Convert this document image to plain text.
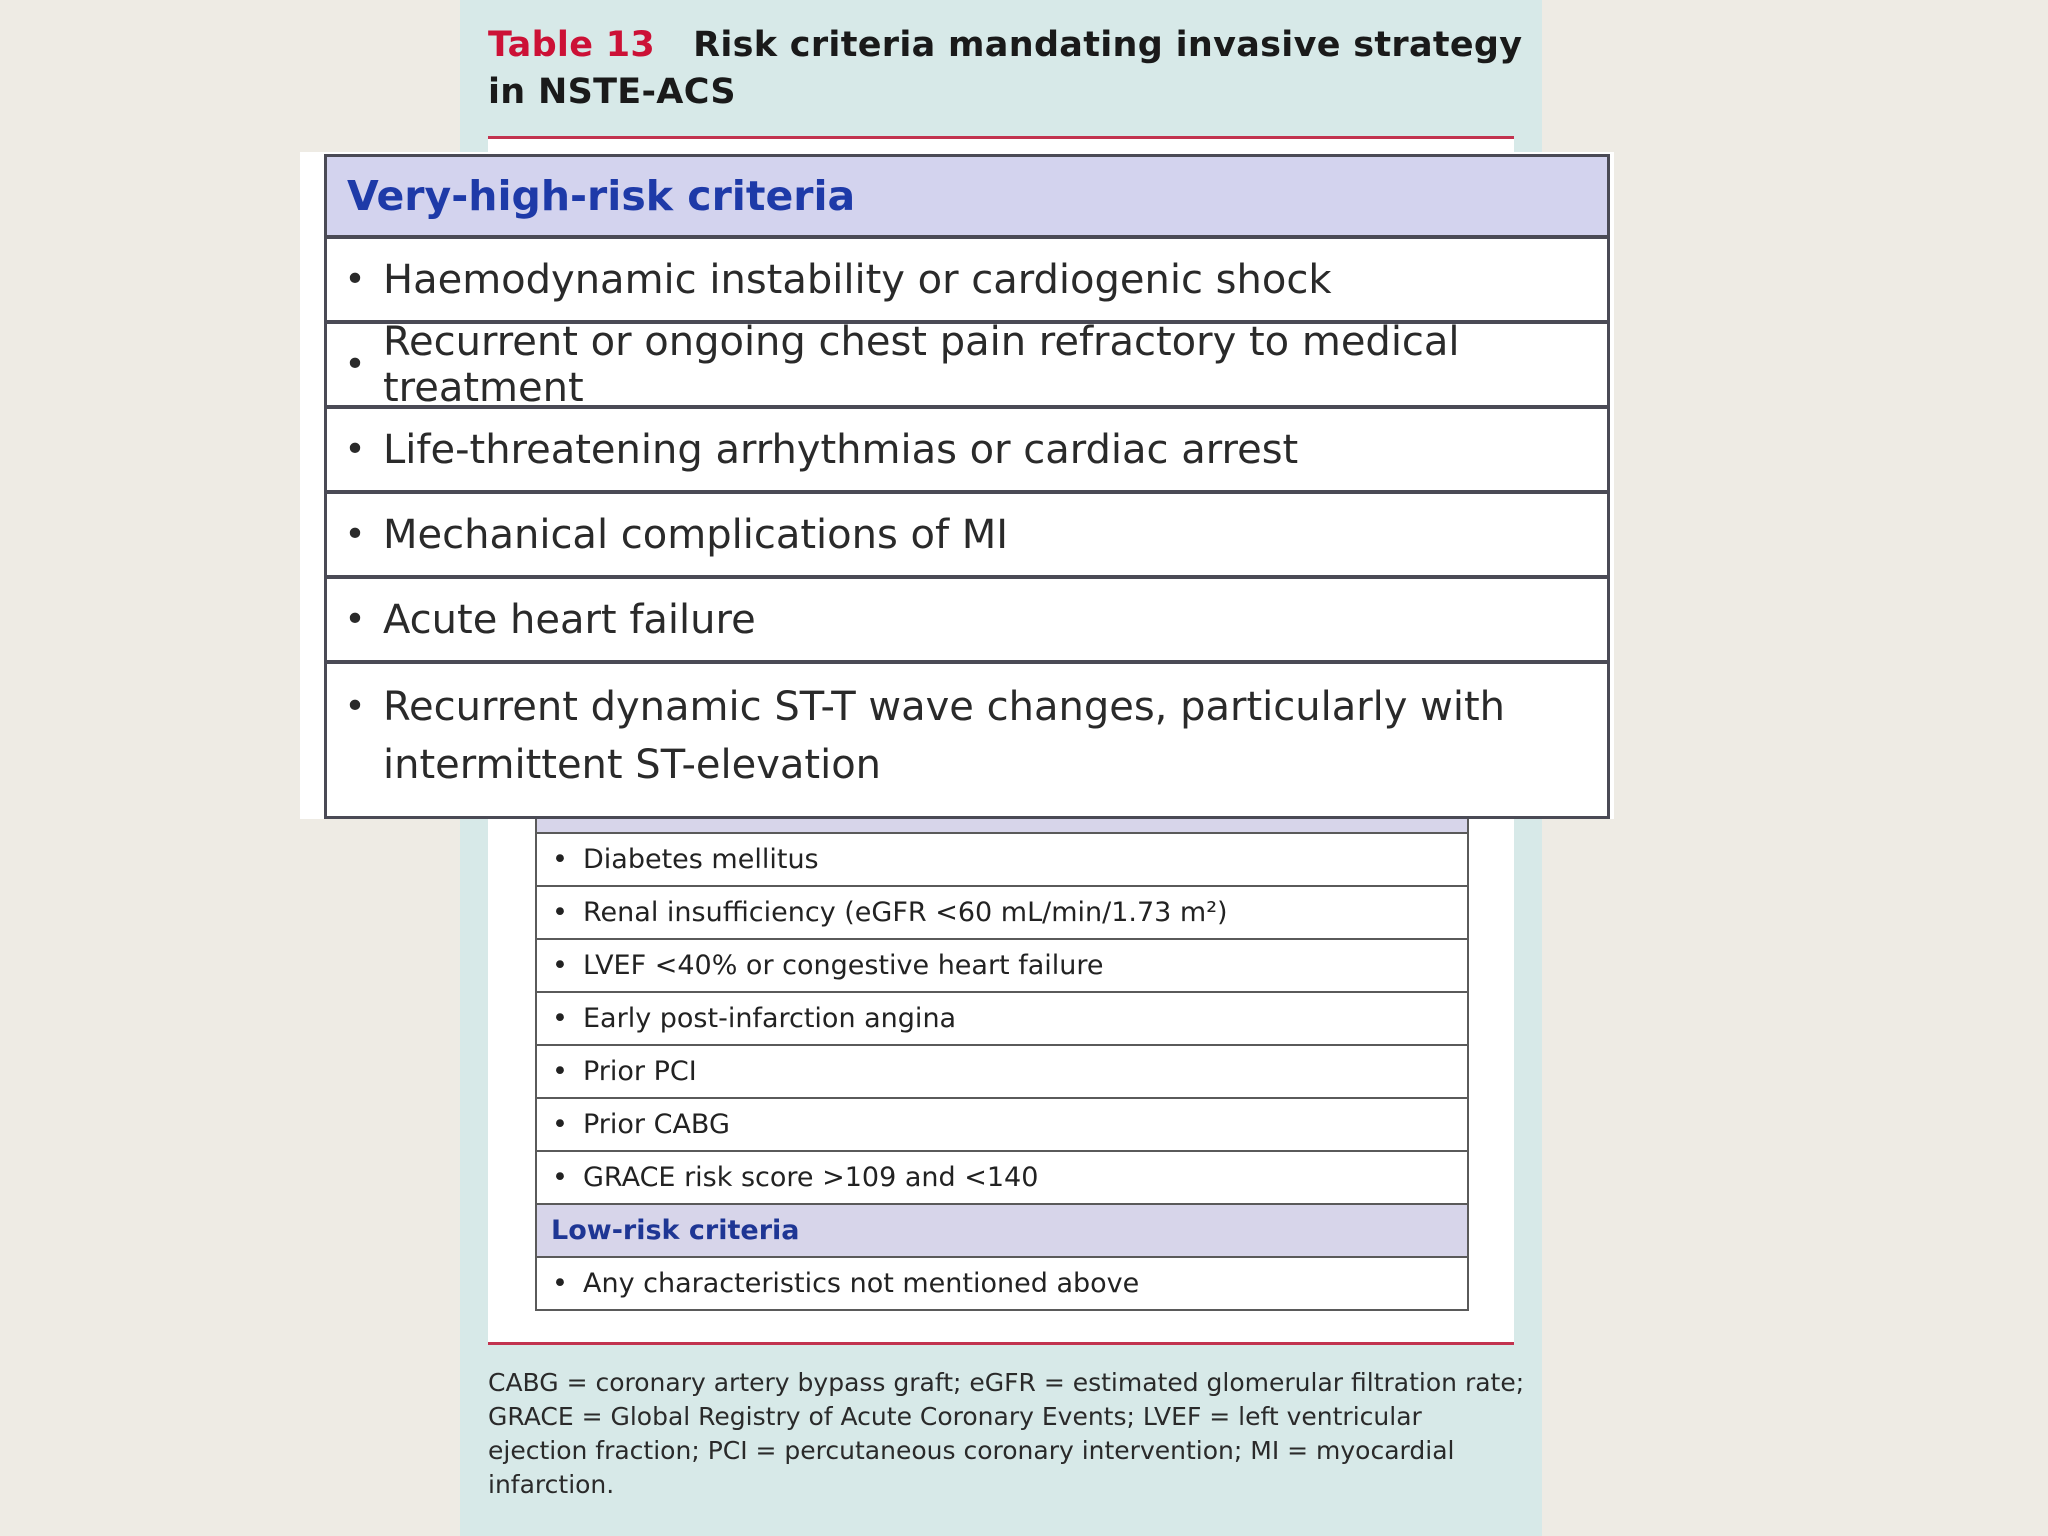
Table 13 Risk criteria mandating invasive strategy in NSTE-ACS
• Diabetes mellitus
• Renal insufficiency (eGFR <60 mL/min/1.73 m²)
• LVEF <40% or congestive heart failure
• Early post-infarction angina
• Prior PCI
• Prior CABG
• GRACE risk score >109 and <140
Low-risk criteria
• Any characteristics not mentioned above
CABG = coronary artery bypass graft; eGFR = estimated glomerular filtration rate; GRACE = Global Registry of Acute Coronary Events; LVEF = left ventricular ejection fraction; PCI = percutaneous coronary intervention; MI = myocardial infarction.
Very-high-risk criteria
• Haemodynamic instability or cardiogenic shock
• Recurrent or ongoing chest pain refractory to medical treatment
• Life-threatening arrhythmias or cardiac arrest
• Mechanical complications of MI
• Acute heart failure
• Recurrent dynamic ST-T wave changes, particularly with intermittent ST-elevation
